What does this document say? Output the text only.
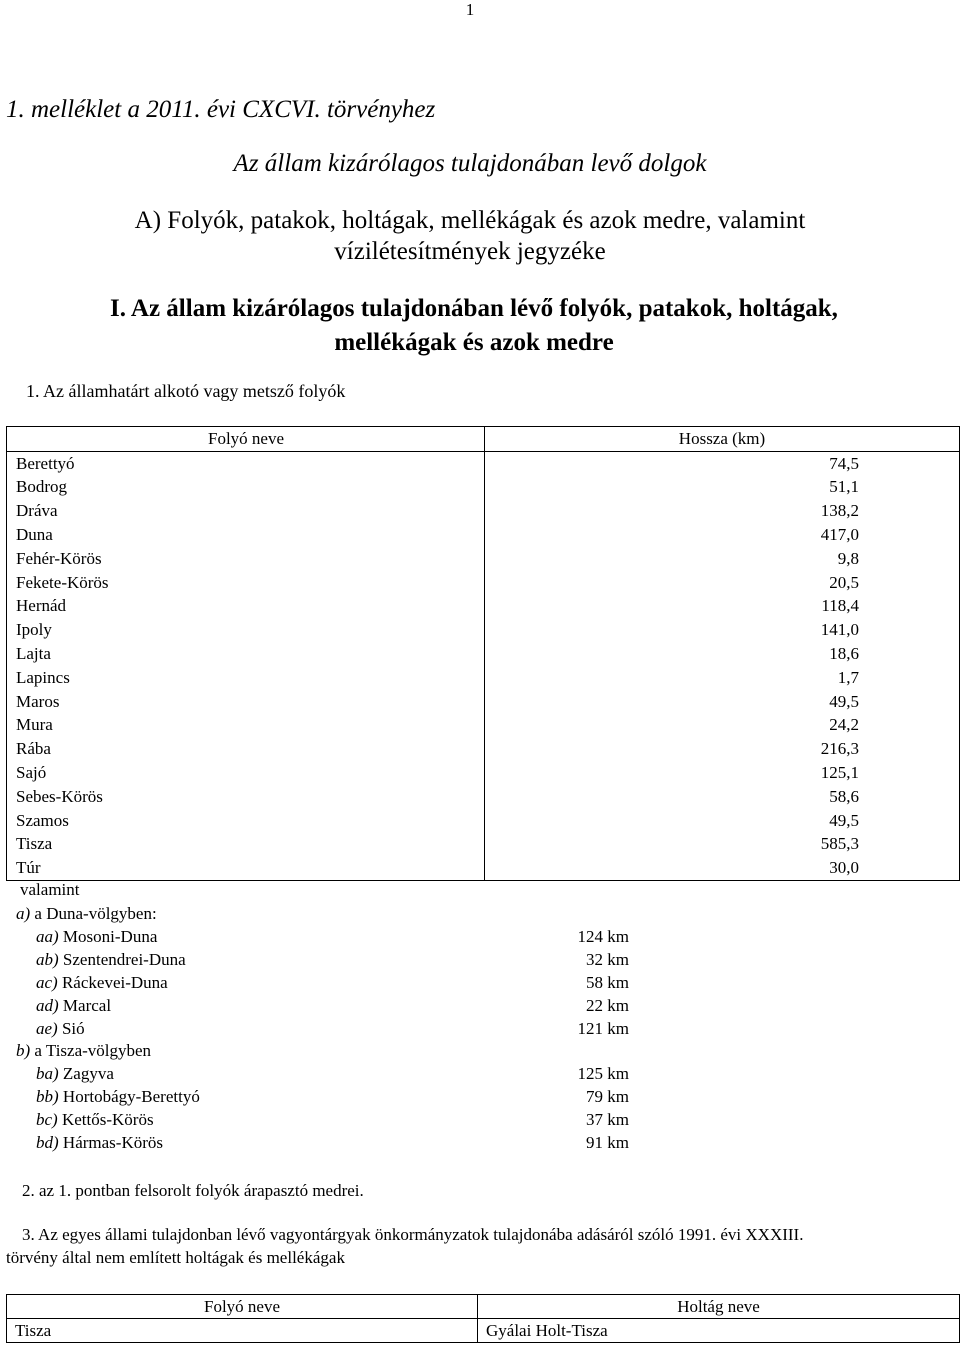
1
1. melléklet a 2011. évi CXCVI. törvényhez
Az állam kizárólagos tulajdonában levő dolgok
A) Folyók, patakok, holtágak, mellékágak és azok medre, valamint
vízilétesítmények jegyzéke
I. Az állam kizárólagos tulajdonában lévő folyók, patakok, holtágak,
mellékágak és azok medre
1. Az államhatárt alkotó vagy metsző folyók
Folyó neve	Hossza (km)
Berettyó	74,5
Bodrog	51,1
Dráva	138,2
Duna	417,0
Fehér-Körös	9,8
Fekete-Körös	20,5
Hernád	118,4
Ipoly	141,0
Lajta	18,6
Lapincs	1,7
Maros	49,5
Mura	24,2
Rába	216,3
Sajó	125,1
Sebes-Körös	58,6
Szamos	49,5
Tisza	585,3
Túr	30,0
valamint
a) a Duna-völgyben:
aa) Mosoni-Duna	124 km
ab) Szentendrei-Duna	32 km
ac) Ráckevei-Duna	58 km
ad) Marcal	22 km
ae) Sió	121 km
b) a Tisza-völgyben
ba) Zagyva	125 km
bb) Hortobágy-Berettyó	79 km
bc) Kettős-Körös	37 km
bd) Hármas-Körös	91 km
2. az 1. pontban felsorolt folyók árapasztó medrei.
3. Az egyes állami tulajdonban lévő vagyontárgyak önkormányzatok tulajdonába adásáról szóló 1991. évi XXXIII.
törvény által nem említett holtágak és mellékágak
Folyó neve	Holtág neve
Tisza	Gyálai Holt-Tisza
